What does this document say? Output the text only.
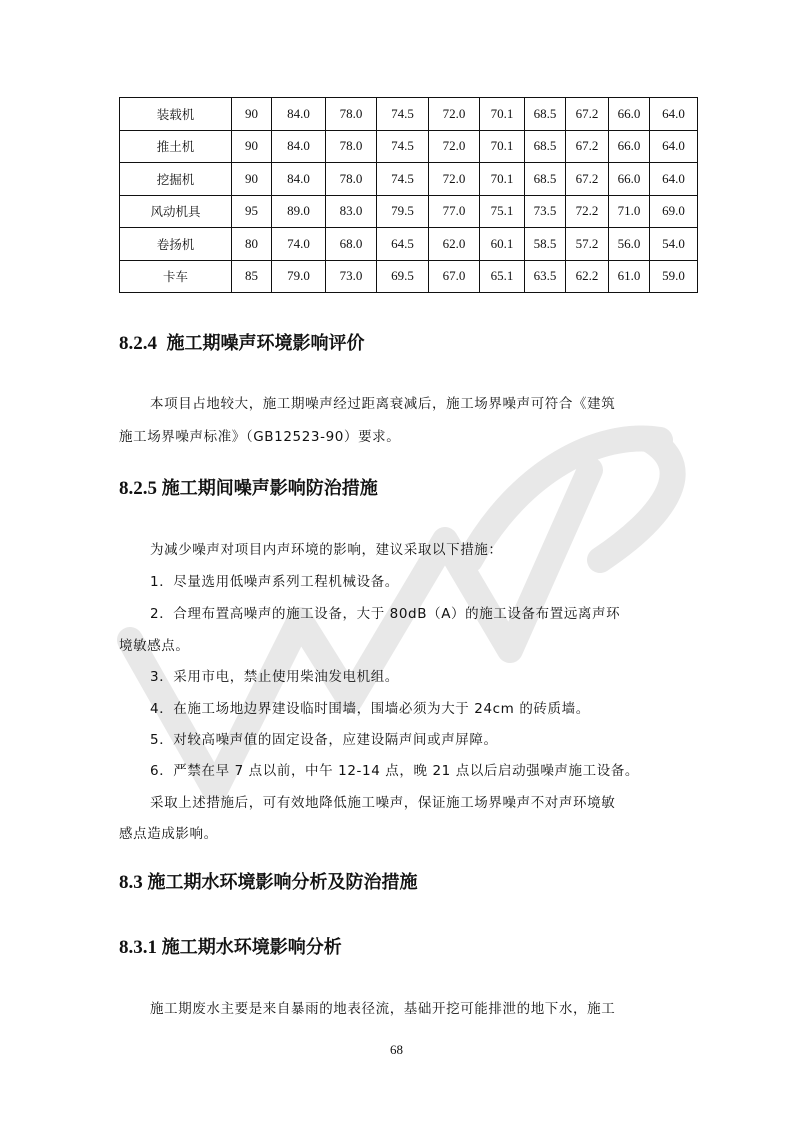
装载机	90	84.0	78.0	74.5	72.0	70.1	68.5	67.2	66.0	64.0
推土机	90	84.0	78.0	74.5	72.0	70.1	68.5	67.2	66.0	64.0
挖掘机	90	84.0	78.0	74.5	72.0	70.1	68.5	67.2	66.0	64.0
风动机具	95	89.0	83.0	79.5	77.0	75.1	73.5	72.2	71.0	69.0
卷扬机	80	74.0	68.0	64.5	62.0	60.1	58.5	57.2	56.0	54.0
卡车	85	79.0	73.0	69.5	67.0	65.1	63.5	62.2	61.0	59.0
8.2.4 施工期噪声环境影响评价
本项目占地较大，施工期噪声经过距离衰减后，施工场界噪声可符合《建筑
施工场界噪声标准》（GB12523-90）要求。
8.2.5 施工期间噪声影响防治措施
为减少噪声对项目内声环境的影响，建议采取以下措施：
1．尽量选用低噪声系列工程机械设备。
2．合理布置高噪声的施工设备，大于 80dB（A）的施工设备布置远离声环
境敏感点。
3．采用市电，禁止使用柴油发电机组。
4．在施工场地边界建设临时围墙，围墙必须为大于 24cm 的砖质墙。
5．对较高噪声值的固定设备，应建设隔声间或声屏障。
6．严禁在早 7 点以前，中午 12-14 点，晚 21 点以后启动强噪声施工设备。
采取上述措施后，可有效地降低施工噪声，保证施工场界噪声不对声环境敏
感点造成影响。
8.3 施工期水环境影响分析及防治措施
8.3.1 施工期水环境影响分析
施工期废水主要是来自暴雨的地表径流，基础开挖可能排泄的地下水，施工
68
